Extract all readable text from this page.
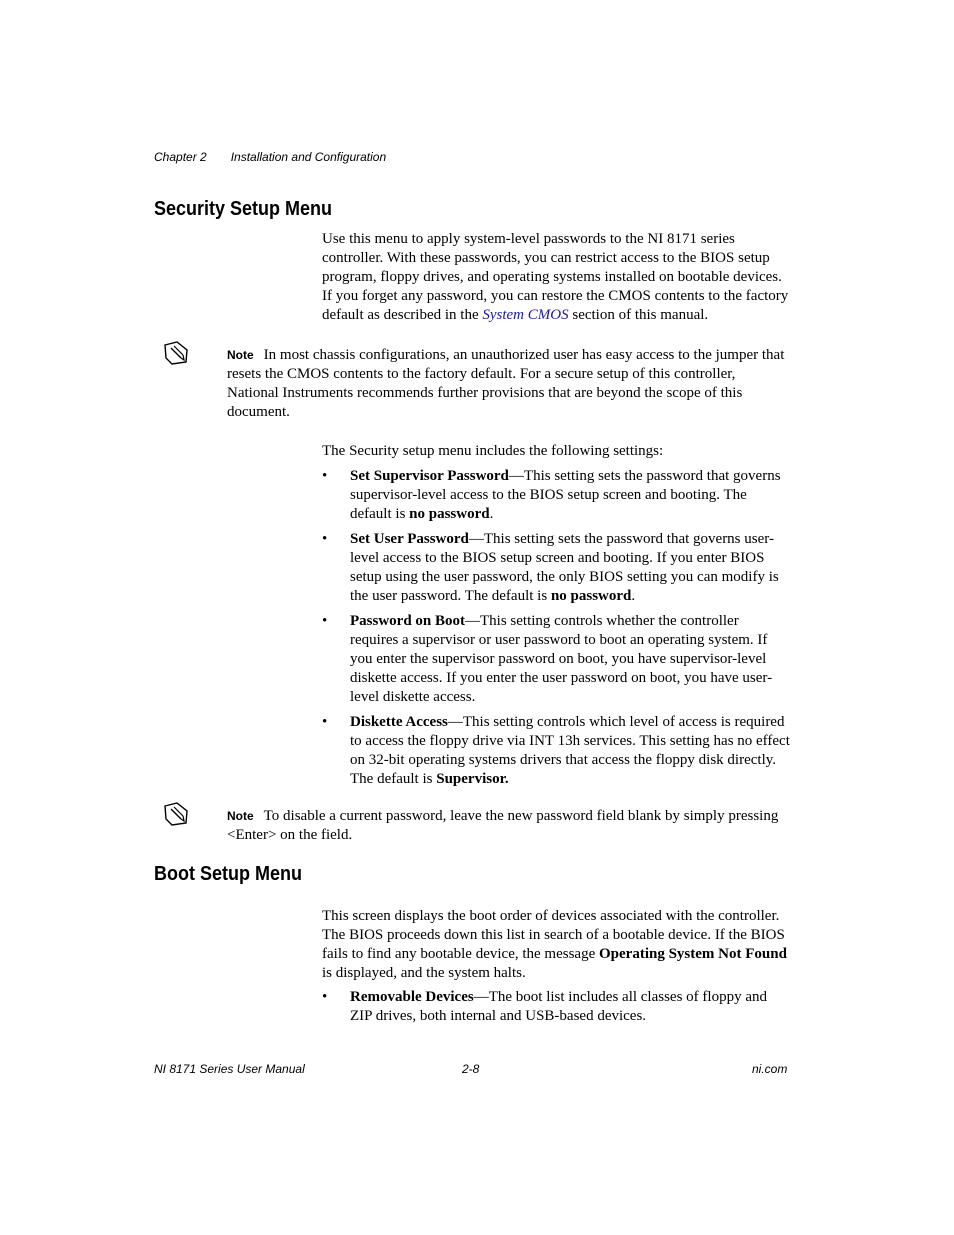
Chapter 2 Installation and Configuration
Security Setup Menu

Use this menu to apply system-level passwords to the NI 8171 series controller. With these passwords, you can restrict access to the BIOS setup program, floppy drives, and operating systems installed on bootable devices. If you forget any password, you can restore the CMOS contents to the factory default as described in the System CMOS section of this manual.

Note In most chassis configurations, an unauthorized user has easy access to the jumper that resets the CMOS contents to the factory default. For a secure setup of this controller, National Instruments recommends further provisions that are beyond the scope of this document.

The Security setup menu includes the following settings:

• Set Supervisor Password—This setting sets the password that governs supervisor-level access to the BIOS setup screen and booting. The default is no password.
• Set User Password—This setting sets the password that governs user-level access to the BIOS setup screen and booting. If you enter BIOS setup using the user password, the only BIOS setting you can modify is the user password. The default is no password.
• Password on Boot—This setting controls whether the controller requires a supervisor or user password to boot an operating system. If you enter the supervisor password on boot, you have supervisor-level diskette access. If you enter the user password on boot, you have user-level diskette access.
• Diskette Access—This setting controls which level of access is required to access the floppy drive via INT 13h services. This setting has no effect on 32-bit operating systems drivers that access the floppy disk directly. The default is Supervisor.

Note To disable a current password, leave the new password field blank by simply pressing <Enter> on the field.

Boot Setup Menu

This screen displays the boot order of devices associated with the controller. The BIOS proceeds down this list in search of a bootable device. If the BIOS fails to find any bootable device, the message Operating System Not Found is displayed, and the system halts.

• Removable Devices—The boot list includes all classes of floppy and ZIP drives, both internal and USB-based devices.
NI 8171 Series User Manual	2-8	ni.com
